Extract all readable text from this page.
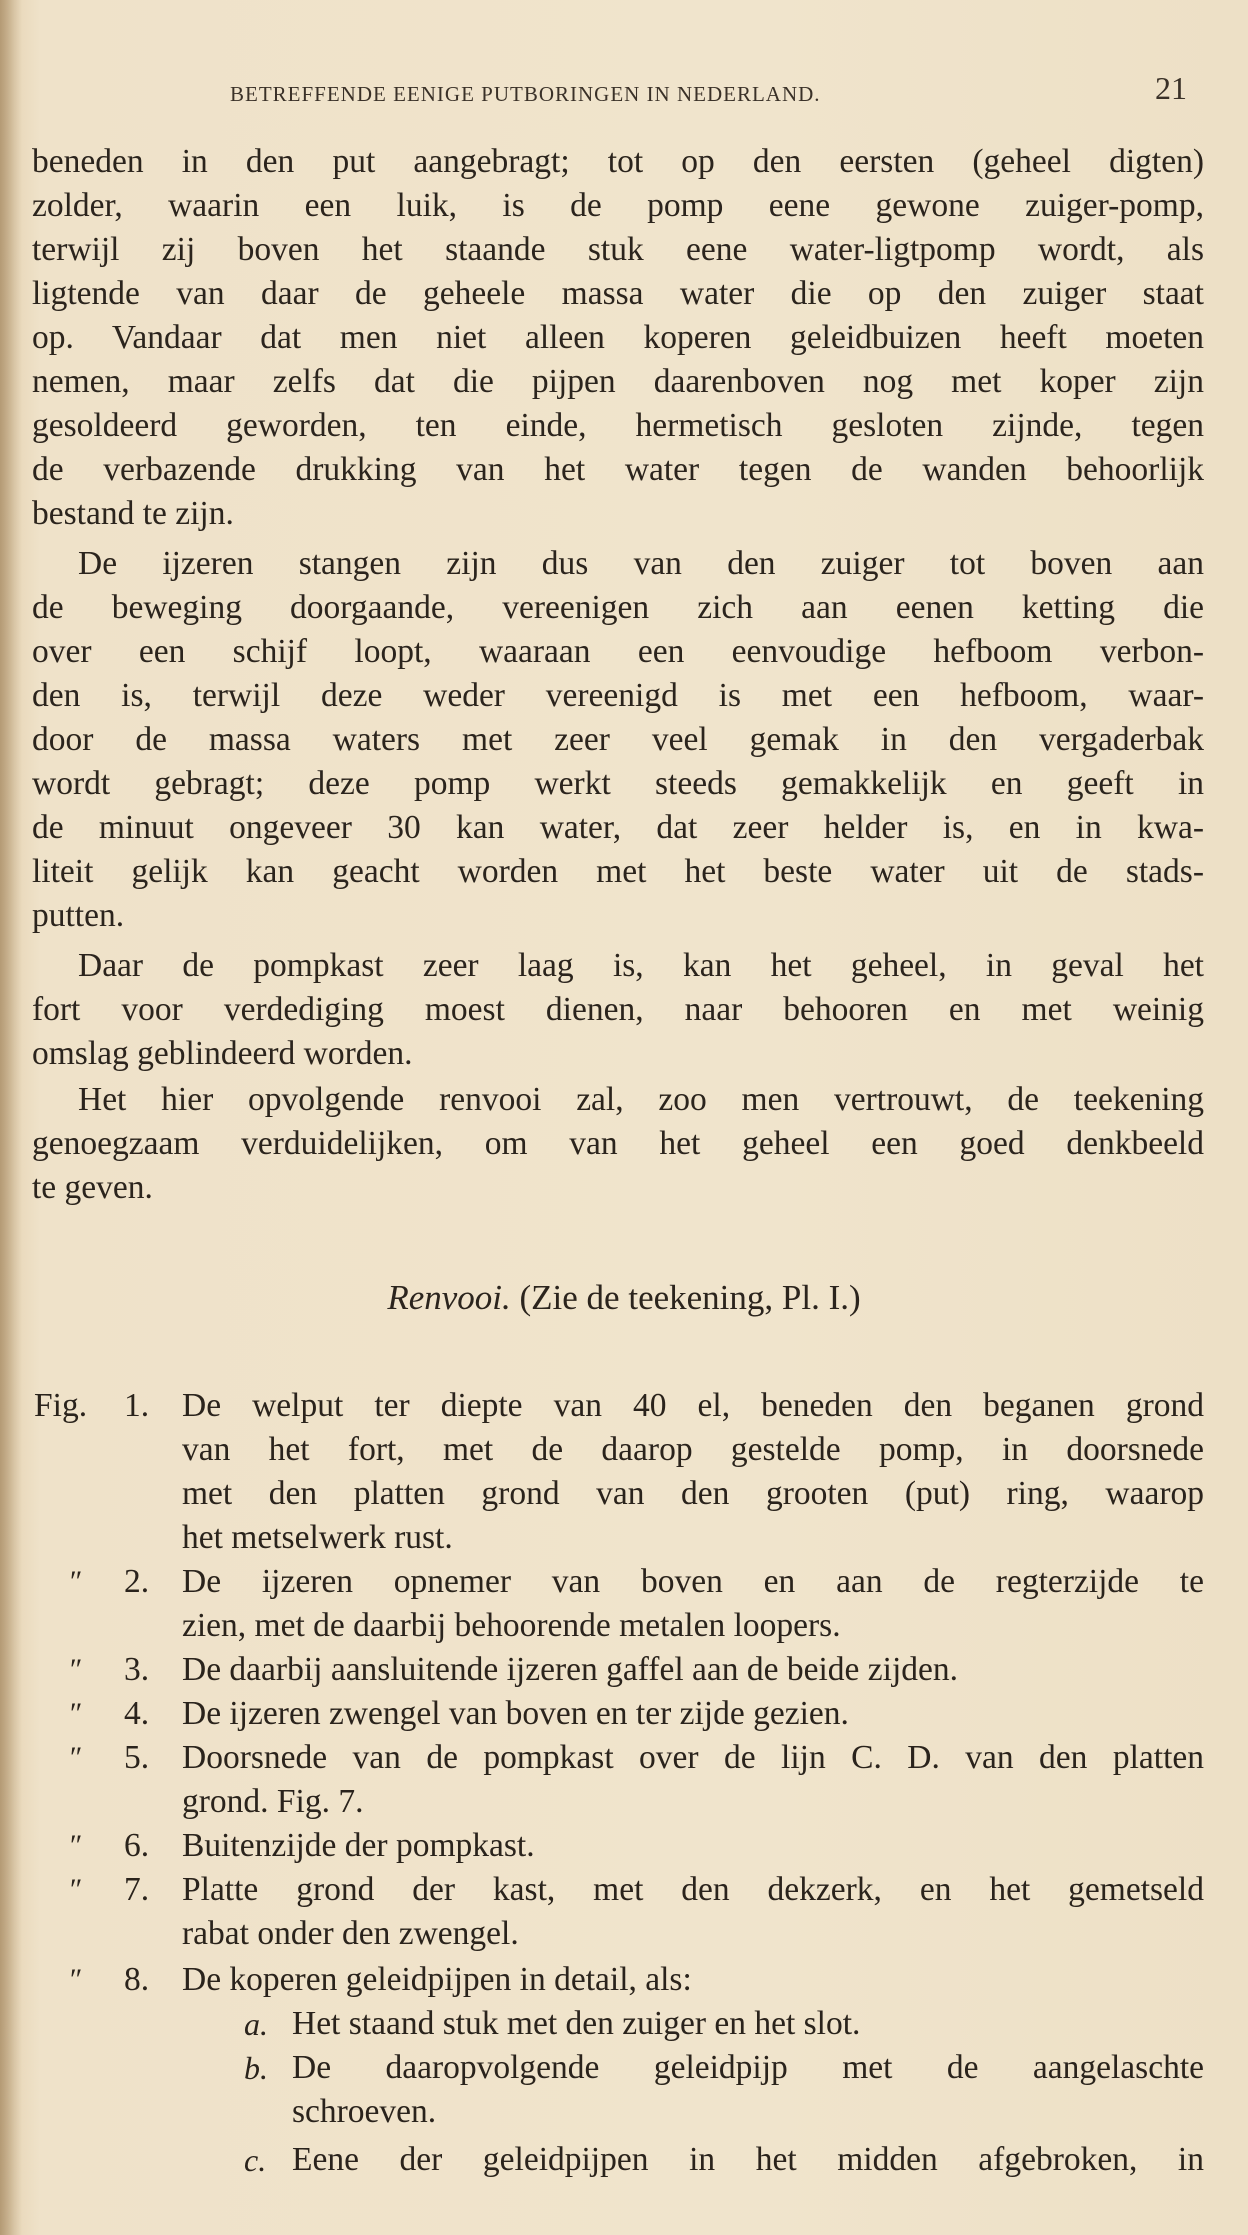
BETREFFENDE EENIGE PUTBORINGEN IN NEDERLAND.	21
beneden in den put aangebragt; tot op den eersten (geheel digten)
zolder, waarin een luik, is de pomp eene gewone zuiger-pomp,
terwijl zij boven het staande stuk eene water-ligtpomp wordt, als
ligtende van daar de geheele massa water die op den zuiger staat
op. Vandaar dat men niet alleen koperen geleidbuizen heeft moeten
nemen, maar zelfs dat die pijpen daarenboven nog met koper zijn
gesoldeerd geworden, ten einde, hermetisch gesloten zijnde, tegen
de verbazende drukking van het water tegen de wanden behoorlijk
bestand te zijn.
De ijzeren stangen zijn dus van den zuiger tot boven aan
de beweging doorgaande, vereenigen zich aan eenen ketting die
over een schijf loopt, waaraan een eenvoudige hefboom verbon-
den is, terwijl deze weder vereenigd is met een hefboom, waar-
door de massa waters met zeer veel gemak in den vergaderbak
wordt gebragt; deze pomp werkt steeds gemakkelijk en geeft in
de minuut ongeveer 30 kan water, dat zeer helder is, en in kwa-
liteit gelijk kan geacht worden met het beste water uit de stads-
putten.
Daar de pompkast zeer laag is, kan het geheel, in geval het
fort voor verdediging moest dienen, naar behooren en met weinig
omslag geblindeerd worden.
Het hier opvolgende renvooi zal, zoo men vertrouwt, de teekening
genoegzaam verduidelijken, om van het geheel een goed denkbeeld
te geven.
Renvooi. (Zie de teekening, Pl. I.)
Fig. 1. De welput ter diepte van 40 el, beneden den beganen grond
van het fort, met de daarop gestelde pomp, in doorsnede
met den platten grond van den grooten (put) ring, waarop
het metselwerk rust.
″ 2. De ijzeren opnemer van boven en aan de regterzijde te
zien, met de daarbij behoorende metalen loopers.
″ 3. De daarbij aansluitende ijzeren gaffel aan de beide zijden.
″ 4. De ijzeren zwengel van boven en ter zijde gezien.
″ 5. Doorsnede van de pompkast over de lijn C. D. van den platten
grond. Fig. 7.
″ 6. Buitenzijde der pompkast.
″ 7. Platte grond der kast, met den dekzerk, en het gemetseld
rabat onder den zwengel.
″ 8. De koperen geleidpijpen in detail, als:
a. Het staand stuk met den zuiger en het slot.
b. De daaropvolgende geleidpijp met de aangelaschte
schroeven.
c. Eene der geleidpijpen in het midden afgebroken, in
